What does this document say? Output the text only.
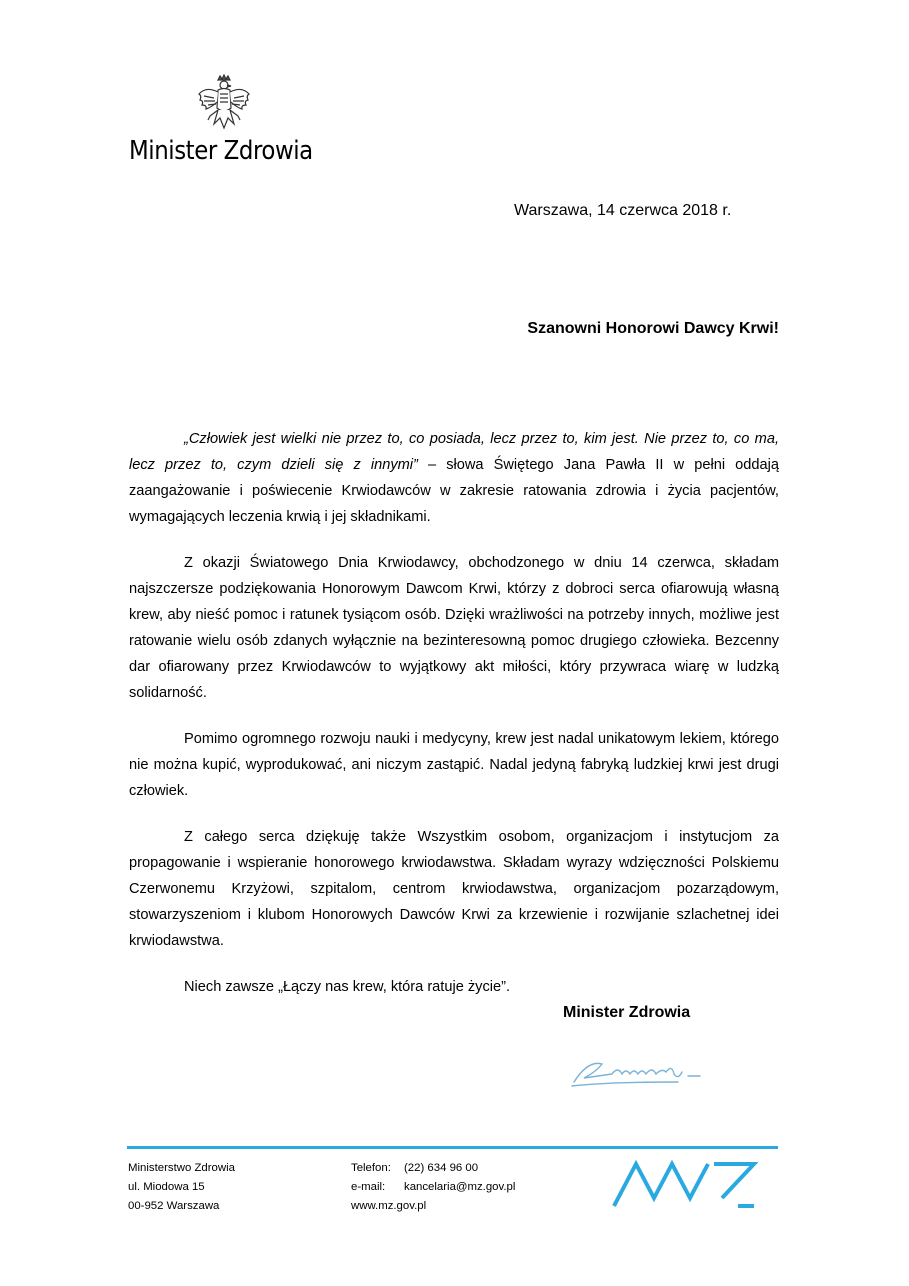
Minister Zdrowia
Warszawa, 14 czerwca 2018 r.
Szanowni Honorowi Dawcy Krwi!

„Człowiek jest wielki nie przez to, co posiada, lecz przez to, kim jest. Nie przez to, co ma, lecz przez to, czym dzieli się z innymi” – słowa Świętego Jana Pawła II w pełni oddają zaangażowanie i poświecenie Krwiodawców w zakresie ratowania zdrowia i życia pacjentów, wymagających leczenia krwią i jej składnikami.

Z okazji Światowego Dnia Krwiodawcy, obchodzonego w dniu 14 czerwca, składam najszczersze podziękowania Honorowym Dawcom Krwi, którzy z dobroci serca ofiarowują własną krew, aby nieść pomoc i ratunek tysiącom osób. Dzięki wrażliwości na potrzeby innych, możliwe jest ratowanie wielu osób zdanych wyłącznie na bezinteresowną pomoc drugiego człowieka. Bezcenny dar ofiarowany przez Krwiodawców to wyjątkowy akt miłości, który przywraca wiarę w ludzką solidarność.

Pomimo ogromnego rozwoju nauki i medycyny, krew jest nadal unikatowym lekiem, którego nie można kupić, wyprodukować, ani niczym zastąpić. Nadal jedyną fabryką ludzkiej krwi jest drugi człowiek.

Z całego serca dziękuję także Wszystkim osobom, organizacjom i instytucjom za propagowanie i wspieranie honorowego krwiodawstwa. Składam wyrazy wdzięczności Polskiemu Czerwonemu Krzyżowi, szpitalom, centrom krwiodawstwa, organizacjom pozarządowym, stowarzyszeniom i klubom Honorowych Dawców Krwi za krzewienie i rozwijanie szlachetnej idei krwiodawstwa.

Niech zawsze „Łączy nas krew, która ratuje życie”.

Minister Zdrowia
Ministerstwo Zdrowia
ul. Miodowa 15
00-952 Warszawa
Telefon:
e-mail:
(22) 634 96 00
kancelaria@mz.gov.pl
www.mz.gov.pl
